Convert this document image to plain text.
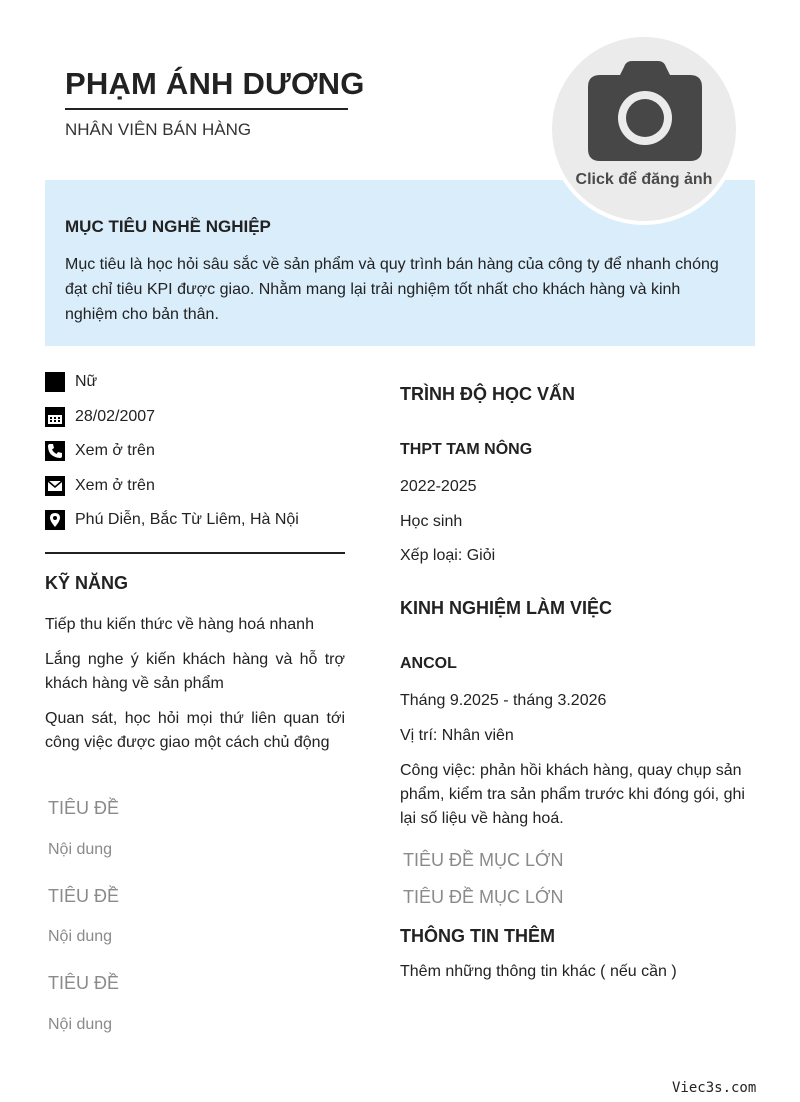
PHẠM ÁNH DƯƠNG
NHÂN VIÊN BÁN HÀNG
MỤC TIÊU NGHỀ NGHIỆP
Mục tiêu là học hỏi sâu sắc về sản phẩm và quy trình bán hàng của công ty để nhanh chóng đạt chỉ tiêu KPI được giao. Nhằm mang lại trải nghiệm tốt nhất cho khách hàng và kinh nghiệm cho bản thân.
Click để đăng ảnh
Nữ
28/02/2007
Xem ở trên
Xem ở trên
Phú Diễn, Bắc Từ Liêm, Hà Nội
KỸ NĂNG
Tiếp thu kiến thức về hàng hoá nhanh
Lắng nghe ý kiến khách hàng và hỗ trợ khách hàng về sản phẩm
Quan sát, học hỏi mọi thứ liên quan tới công việc được giao một cách chủ động
TIÊU ĐỀ
Nội dung
TIÊU ĐỀ
Nội dung
TIÊU ĐỀ
Nội dung
TRÌNH ĐỘ HỌC VẤN
THPT TAM NÔNG
2022-2025
Học sinh
Xếp loại: Giỏi
KINH NGHIỆM LÀM VIỆC
ANCOL
Tháng 9.2025 - tháng 3.2026
Vị trí: Nhân viên
Công việc: phản hồi khách hàng, quay chụp sản phẩm, kiểm tra sản phẩm trước khi đóng gói, ghi lại số liệu về hàng hoá.
TIÊU ĐỀ MỤC LỚN
TIÊU ĐỀ MỤC LỚN
THÔNG TIN THÊM
Thêm những thông tin khác ( nếu cần )
Viec3s.com
